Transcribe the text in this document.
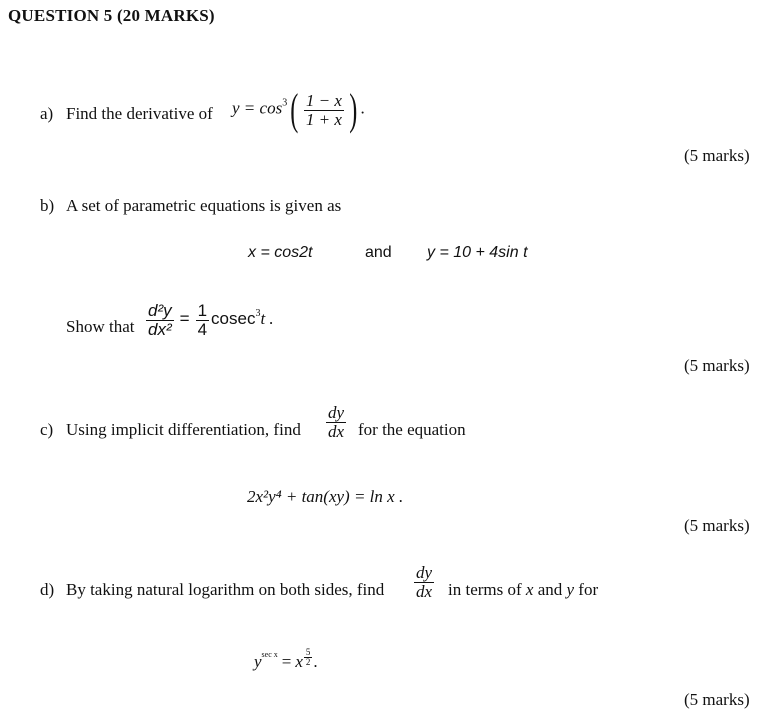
QUESTION 5 (20 MARKS)
a) Find the derivative of $y = \cos^3( \frac{1 - x}{1 + x}$ ) .
(5 marks)
b) A set of parametric equations is given as
x = cos2t	and y = 10 + 4sin t
Show that $\frac{\text{d²y}}{\text{dx²}} = \frac{1}{4} cosec^3t$ .
(5 marks)
c) Using implicit differentiation, find $\frac{dy}{dx}$ for the equation
2x²y⁴ + tan(xy) = ln x .
(5 marks)
d) By taking natural logarithm on both sides, find $\frac{dy}{dx}$ in terms of x and y for
$y^{sec x} = x \frac{5}{2}$ .
(5 marks)
